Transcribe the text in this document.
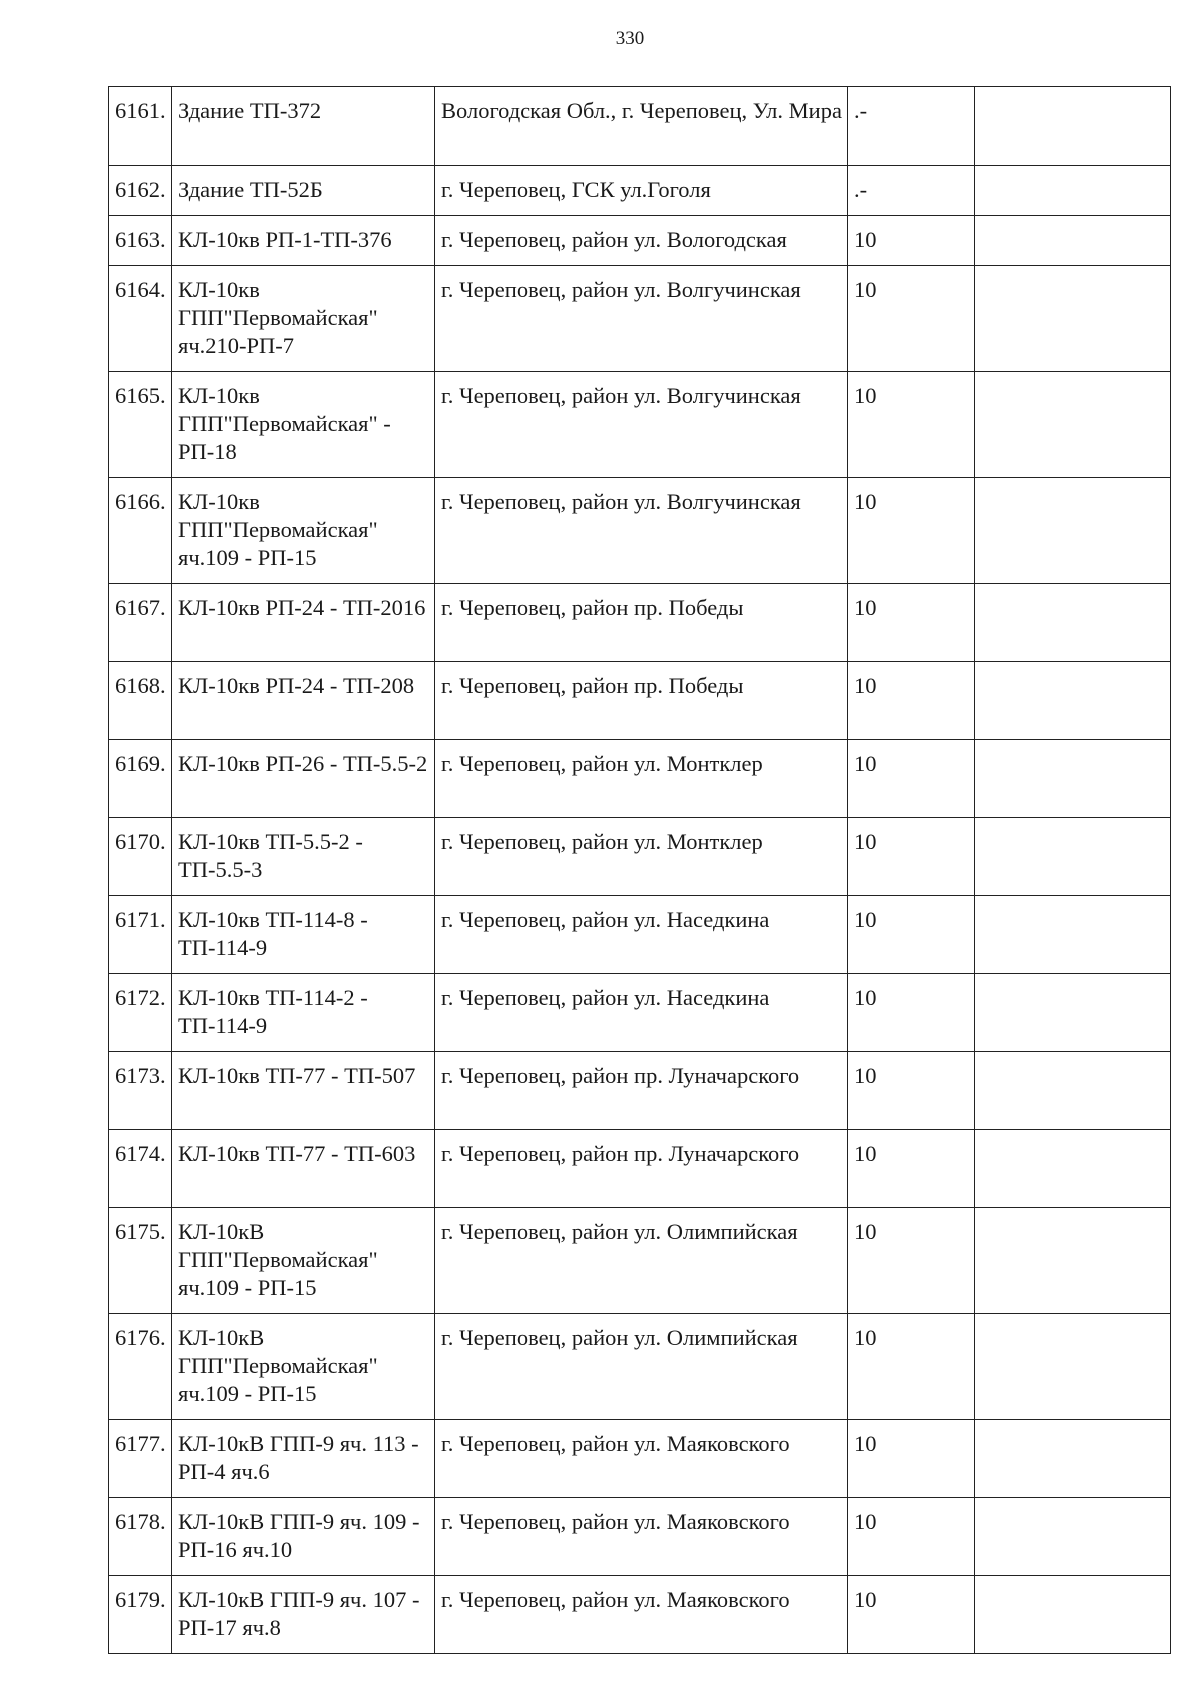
330
6161.	Здание ТП-372	Вологодская Обл., г. Череповец, Ул. Мира	.-	
6162.	Здание ТП-52Б	г. Череповец, ГСК ул.Гоголя	.-	
6163.	КЛ-10кв РП-1-ТП-376	г. Череповец, район ул. Вологодская	10	
6164.	КЛ-10кв ГПП"Первомайская" яч.210-РП-7	г. Череповец, район ул. Волгучинская	10	
6165.	КЛ-10кв ГПП"Первомайская" - РП-18	г. Череповец, район ул. Волгучинская	10	
6166.	КЛ-10кв ГПП"Первомайская" яч.109 - РП-15	г. Череповец, район ул. Волгучинская	10	
6167.	КЛ-10кв РП-24 - ТП-2016	г. Череповец, район пр. Победы	10	
6168.	КЛ-10кв РП-24 - ТП-208	г. Череповец, район пр. Победы	10	
6169.	КЛ-10кв РП-26 - ТП-5.5-2	г. Череповец, район ул. Монтклер	10	
6170.	КЛ-10кв ТП-5.5-2 - ТП-5.5-3	г. Череповец, район ул. Монтклер	10	
6171.	КЛ-10кв ТП-114-8 - ТП-114-9	г. Череповец, район ул. Наседкина	10	
6172.	КЛ-10кв ТП-114-2 - ТП-114-9	г. Череповец, район ул. Наседкина	10	
6173.	КЛ-10кв ТП-77 - ТП-507	г. Череповец, район пр. Луначарского	10	
6174.	КЛ-10кв ТП-77 - ТП-603	г. Череповец, район пр. Луначарского	10	
6175.	КЛ-10кВ ГПП"Первомайская" яч.109 - РП-15	г. Череповец, район ул. Олимпийская	10	
6176.	КЛ-10кВ ГПП"Первомайская" яч.109 - РП-15	г. Череповец, район ул. Олимпийская	10	
6177.	КЛ-10кВ ГПП-9 яч. 113 - РП-4 яч.6	г. Череповец, район ул. Маяковского	10	
6178.	КЛ-10кВ ГПП-9 яч. 109 - РП-16 яч.10	г. Череповец, район ул. Маяковского	10	
6179.	КЛ-10кВ ГПП-9 яч. 107 - РП-17 яч.8	г. Череповец, район ул. Маяковского	10	
